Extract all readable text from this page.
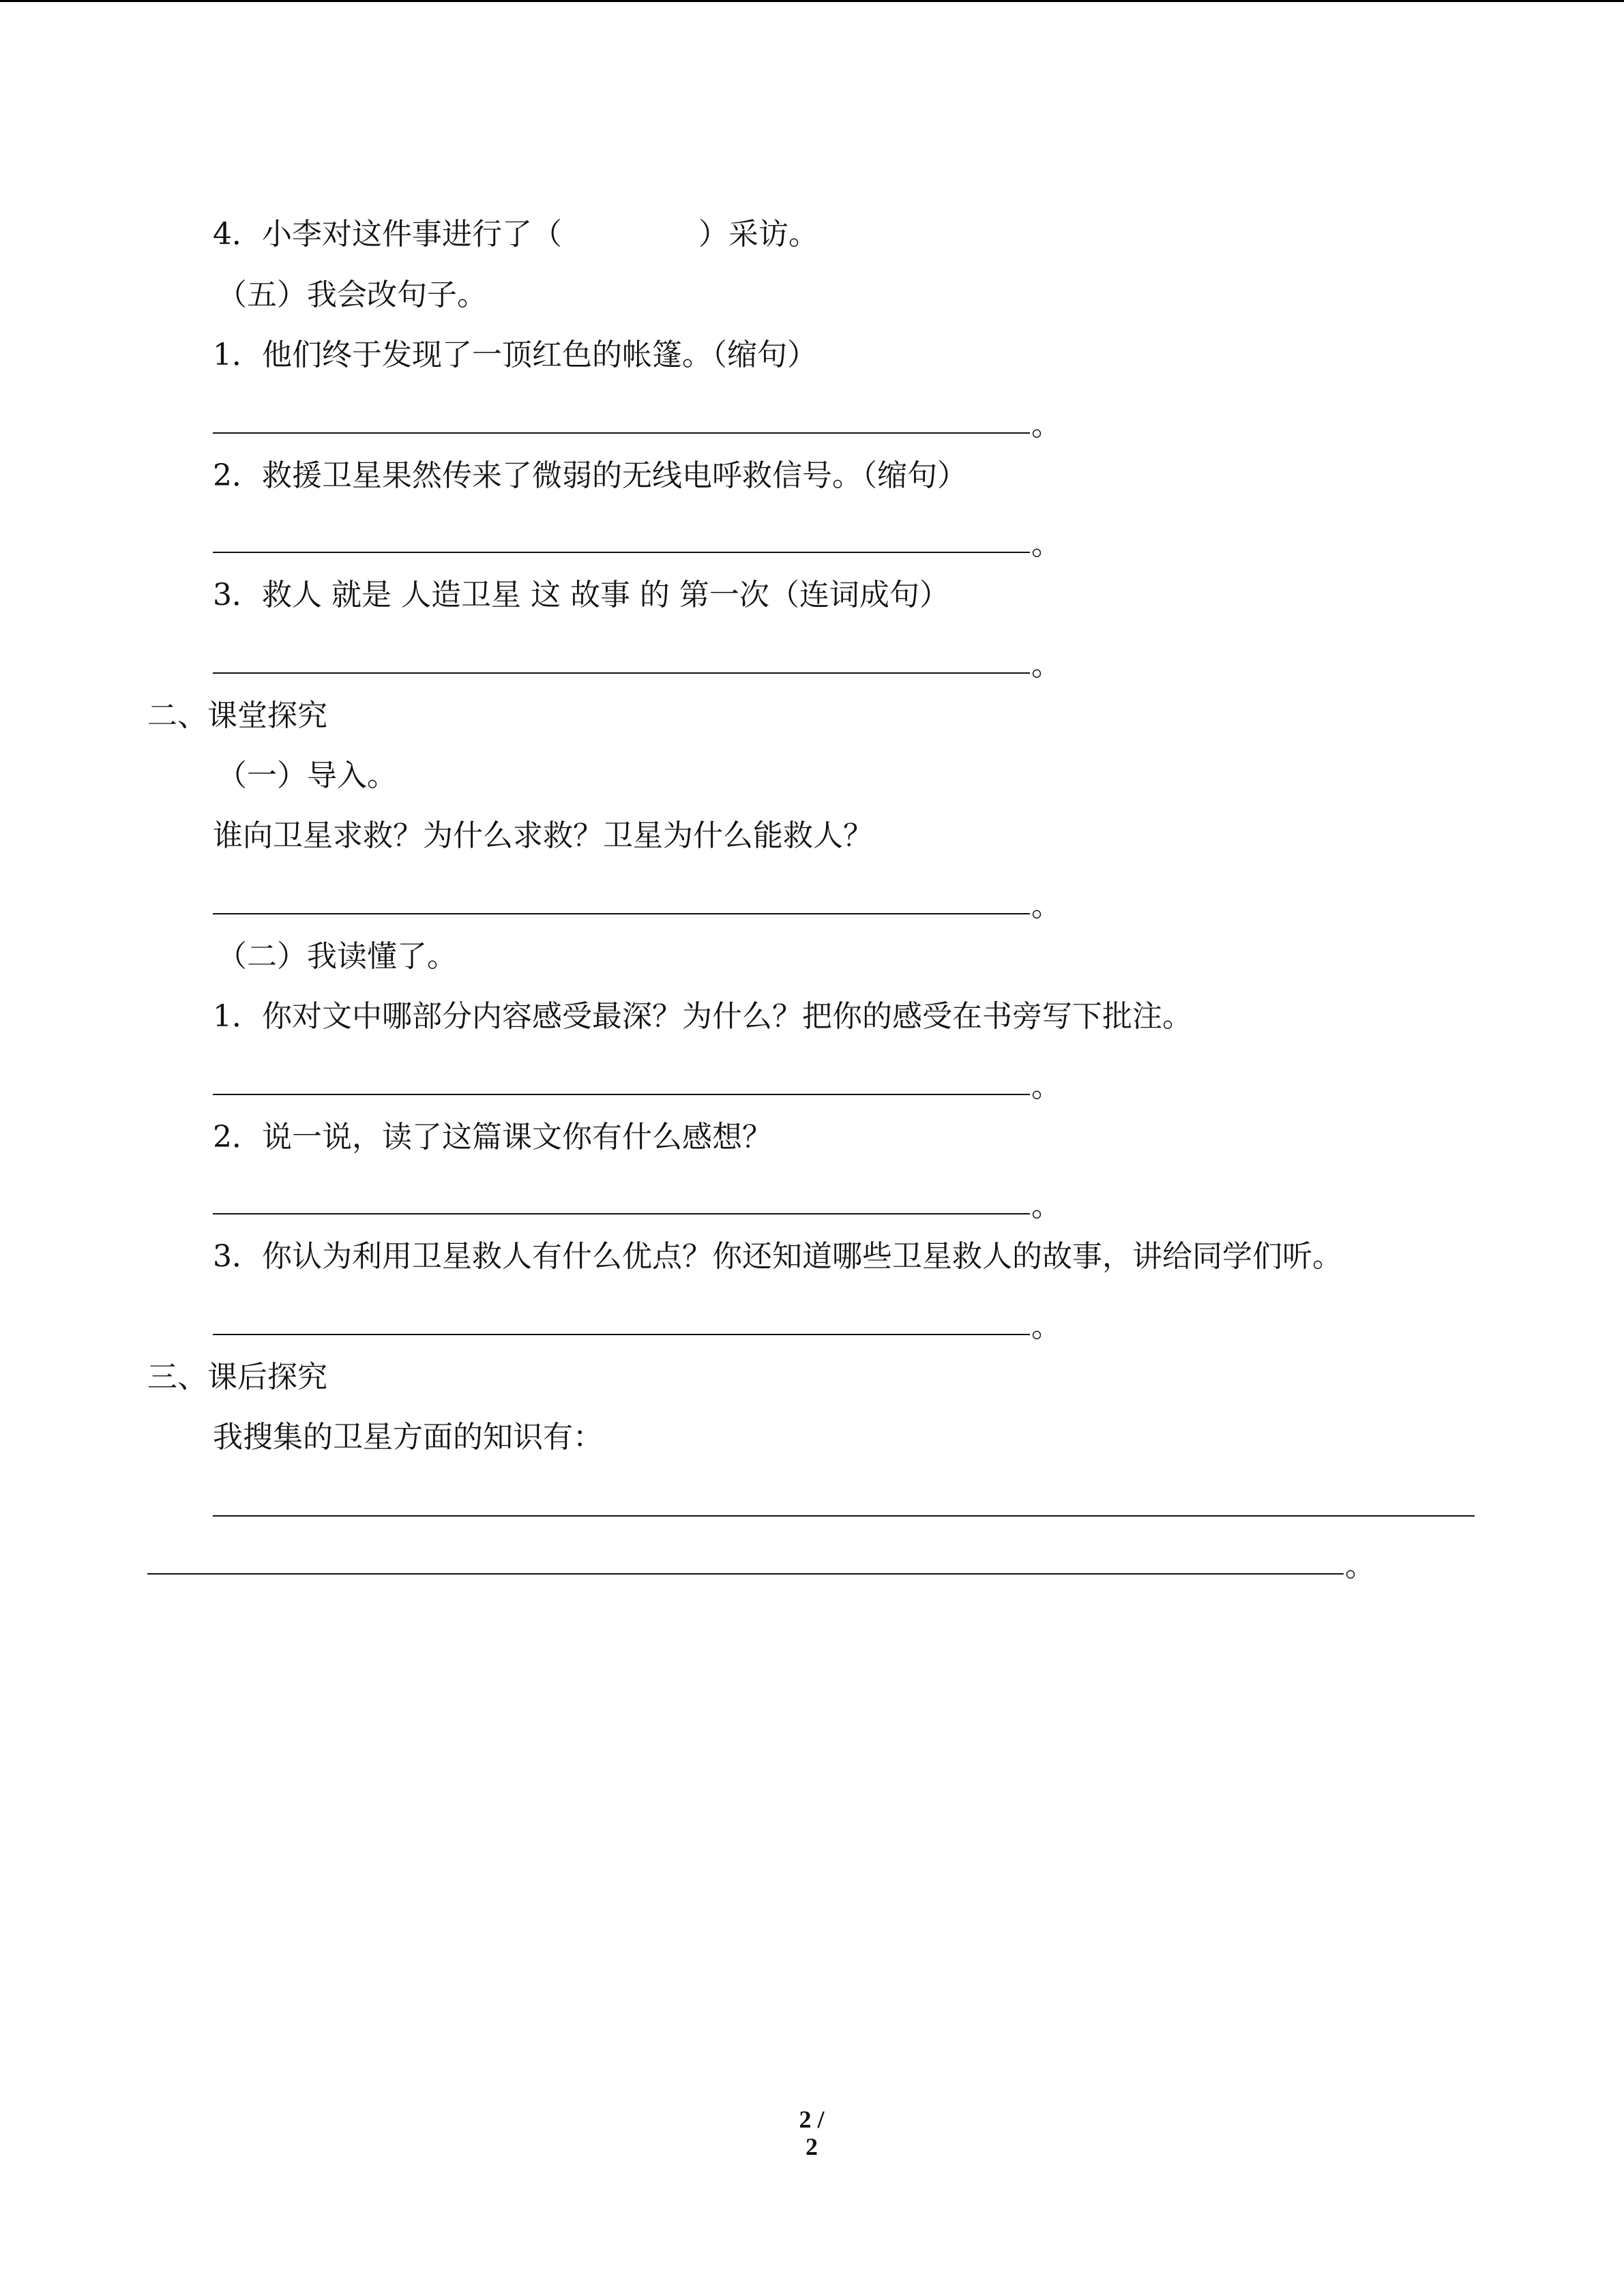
4．小李对这件事进行了（	）采访。
（五）我会改句子。
1．他们终于发现了一顶红色的帐篷。（缩句）
。
2．救援卫星果然传来了微弱的无线电呼救信号。（缩句）
。
3．救人 就是 人造卫星 这 故事 的 第一次（连词成句）
。
二、课堂探究
（一）导入。
谁向卫星求救？为什么求救？卫星为什么能救人？
。
（二）我读懂了。
1．你对文中哪部分内容感受最深？为什么？把你的感受在书旁写下批注。
。
2．说一说，读了这篇课文你有什么感想？
。
3．你认为利用卫星救人有什么优点？你还知道哪些卫星救人的故事，讲给同学们听。
。
三、课后探究
我搜集的卫星方面的知识有：
。
2 / 2
